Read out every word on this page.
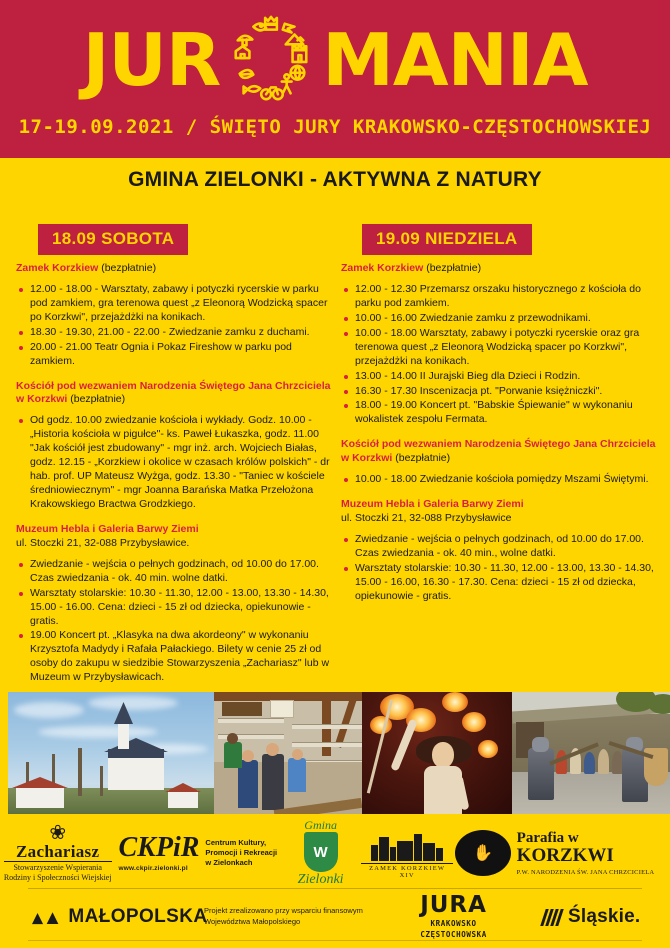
JUR MANIA
17-19.09.2021 / ŚWIĘTO JURY KRAKOWSKO-CZĘSTOCHOWSKIEJ
GMINA ZIELONKI - AKTYWNA Z NATURY
18.09 SOBOTA	19.09 NIEDZIELA
Zamek Korzkiew (bezpłatnie)
12.00 - 18.00 - Warsztaty, zabawy i potyczki rycerskie w parku pod zamkiem, gra terenowa quest „z Eleonorą Wodzicką spacer po Korzkwi", przejażdżki na konikach.
18.30 - 19.30, 21.00 - 22.00 - Zwiedzanie zamku z duchami.
20.00 - 21.00 Teatr Ognia i Pokaz Fireshow w parku pod zamkiem.
Kościół pod wezwaniem Narodzenia Świętego Jana Chrzciciela w Korzkwi (bezpłatnie)
Od godz. 10.00 zwiedzanie kościoła i wykłady. Godz. 10.00 - „Historia kościoła w pigułce"- ks. Paweł Łukaszka, godz. 11.00 "Jak kościół jest zbudowany" - mgr inż. arch. Wojciech Białas, godz. 12.15 - „Korzkiew i okolice w czasach królów polskich" - dr hab. prof. UP Mateusz Wyżga, godz. 13.30 - "Taniec w kościele średniowiecznym" - mgr Joanna Barańska Matka Przełożona Krakowskiego Bractwa Grodzkiego.
Muzeum Hebla i Galeria Barwy Ziemi
ul. Stoczki 21, 32-088 Przybysławice.
Zwiedzanie - wejścia o pełnych godzinach, od 10.00 do 17.00. Czas zwiedzania - ok. 40 min. wolne datki.
Warsztaty stolarskie: 10.30 - 11.30, 12.00 - 13.00, 13.30 - 14.30, 15.00 - 16.00. Cena: dzieci - 15 zł od dziecka, opiekunowie - gratis.
19.00 Koncert pt. „Klasyka na dwa akordeony" w wykonaniu Krzysztofa Madydy i Rafała Pałackiego. Bilety w cenie 25 zł od osoby do zakupu w siedzibie Stowarzyszenia „Zachariasz" lub w Muzeum w Przybysławicach.
Zamek Korzkiew (bezpłatnie)
12.00 - 12.30 Przemarsz orszaku historycznego z kościoła do parku pod zamkiem.
10.00 - 16.00 Zwiedzanie zamku z przewodnikami.
10.00 - 18.00 Warsztaty, zabawy i potyczki rycerskie oraz gra terenowa quest „z Eleonorą Wodzicką spacer po Korzkwi", przejażdżki na konikach.
13.00 - 14.00 II Jurajski Bieg dla Dzieci i Rodzin.
16.30 - 17.30 Inscenizacja pt. "Porwanie księżniczki".
18.00 - 19.00 Koncert pt. "Babskie Śpiewanie" w wykonaniu wokalistek zespołu Fermata.
Kościół pod wezwaniem Narodzenia Świętego Jana Chrzciciela w Korzkwi (bezpłatnie)
10.00 - 18.00 Zwiedzanie kościoła pomiędzy Mszami Świętymi.
Muzeum Hebla i Galeria Barwy Ziemi
ul. Stoczki 21, 32-088 Przybysławice
Zwiedzanie - wejścia o pełnych godzinach, od 10.00 do 17.00. Czas zwiedzania - ok. 40 min., wolne datki.
Warsztaty stolarskie: 10.30 - 11.30, 12.00 - 13.00, 13.30 - 14.30, 15.00 - 16.00, 16.30 - 17.30. Cena: dzieci - 15 zł od dziecka, opiekunowie - gratis.
❀
Zachariasz
Stowarzyszenie Wspierania
Rodziny i Społeczności Wiejskiej
CKPiR
www.ckpir.zielonki.pl
Centrum Kultury,
Promocji i Rekreacji
w Zielonkach
Gmina
W
Zielonki
ZAMEK KORZKIEW XIV
✋
Parafia w KORZKWI
P.W. NARODZENIA ŚW. JANA CHRZCICIELA
▴▲ MAŁOPOLSKA
Projekt zrealizowano przy wsparciu finansowym
Województwa Małopolskiego
JURA
KRAKOWSKO
CZĘSTOCHOWSKA
Śląskie.
